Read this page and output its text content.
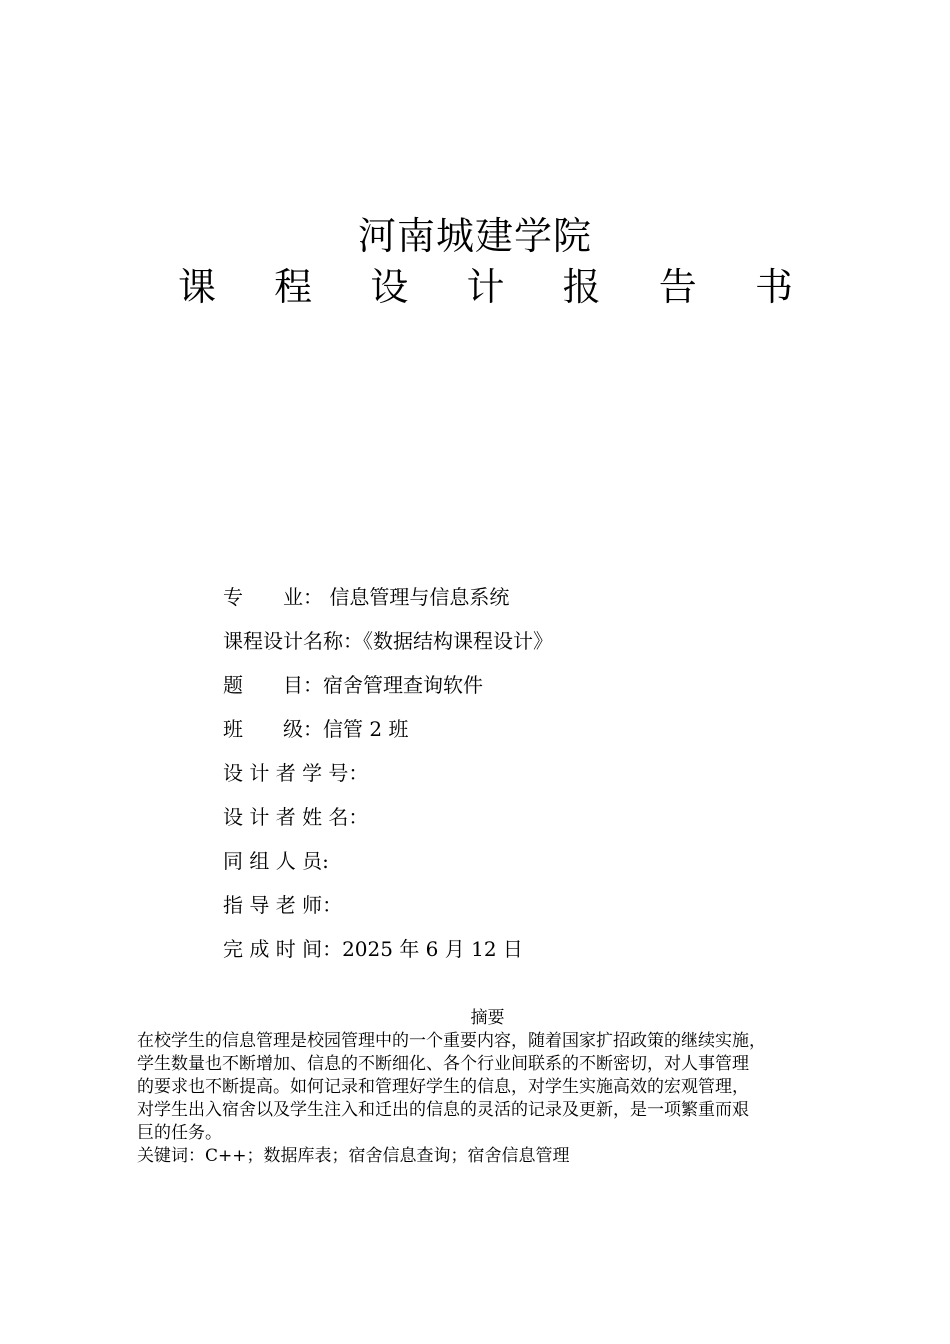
河南城建学院
课 程 设 计 报 告 书
专　　业： 信息管理与信息系统
课程设计名称：《数据结构课程设计》
题　　目：宿舍管理查询软件
班　　级：信管 2 班
设 计 者 学 号：
设 计 者 姓 名：
同 组 人 员:
指 导 老 师：
完 成 时 间：2025 年 6 月 12 日
摘要
在校学生的信息管理是校园管理中的一个重要内容，随着国家扩招政策的继续实施，
学生数量也不断增加、信息的不断细化、各个行业间联系的不断密切，对人事管理
的要求也不断提高。如何记录和管理好学生的信息，对学生实施高效的宏观管理，
对学生出入宿舍以及学生注入和迁出的信息的灵活的记录及更新，是一项繁重而艰
巨的任务。
关键词：C++；数据库表；宿舍信息查询；宿舍信息管理
